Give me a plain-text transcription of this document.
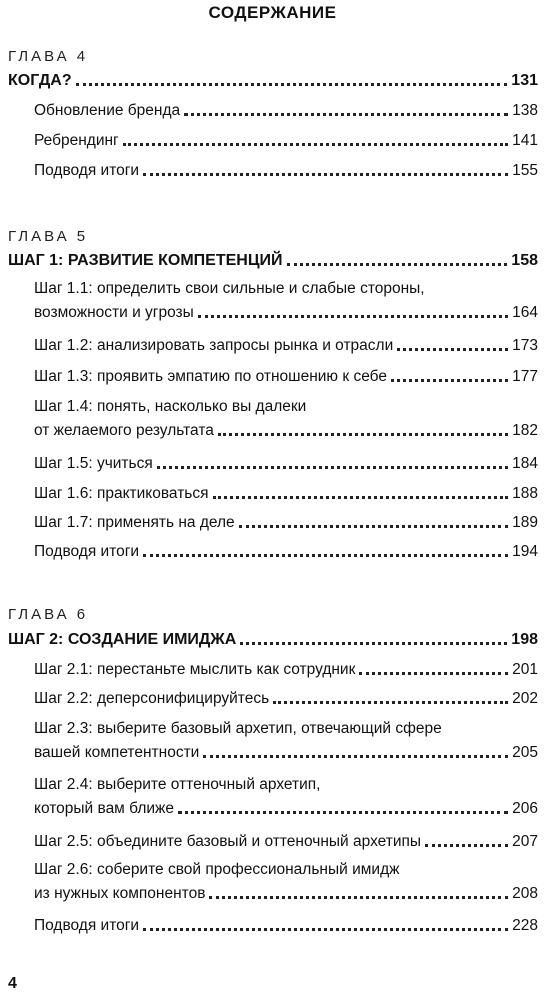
СОДЕРЖАНИЕ
ГЛАВА 4
КОГДА?	131
Обновление бренда	138
Ребрендинг	141
Подводя итоги	155
ГЛАВА 5
ШАГ 1: РАЗВИТИЕ КОМПЕТЕНЦИЙ	158
Шаг 1.1: определить свои сильные и слабые стороны,
возможности и угрозы	164
Шаг 1.2: анализировать запросы рынка и отрасли	173
Шаг 1.3: проявить эмпатию по отношению к себе	177
Шаг 1.4: понять, насколько вы далеки
от желаемого результата	182
Шаг 1.5: учиться	184
Шаг 1.6: практиковаться	188
Шаг 1.7: применять на деле	189
Подводя итоги	194
ГЛАВА 6
ШАГ 2: СОЗДАНИЕ ИМИДЖА	198
Шаг 2.1: перестаньте мыслить как сотрудник	201
Шаг 2.2: деперсонифицируйтесь	202
Шаг 2.3: выберите базовый архетип, отвечающий сфере
вашей компетентности	205
Шаг 2.4: выберите оттеночный архетип,
который вам ближе	206
Шаг 2.5: объедините базовый и оттеночный архетипы	207
Шаг 2.6: соберите свой профессиональный имидж
из нужных компонентов	208
Подводя итоги	228
4
